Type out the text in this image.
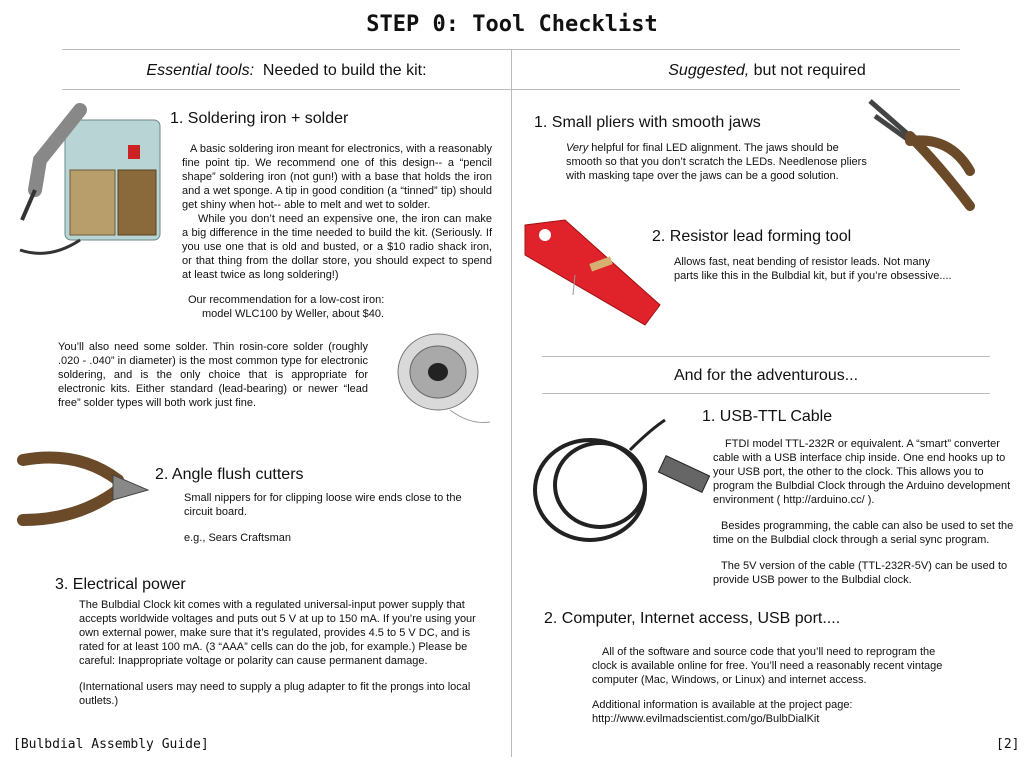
STEP 0: Tool Checklist
Essential tools: Needed to build the kit:	Suggested, but not required
1. Soldering iron + solder
A basic soldering iron meant for electronics, with a reasonably fine point tip. We recommend one of this design-- a “pencil shape” soldering iron (not gun!) with a base that holds the iron and a wet sponge. A tip in good condition (a “tinned” tip) should get shiny when hot-- able to melt and wet to solder.
While you don’t need an expensive one, the iron can make a big difference in the time needed to build the kit. (Seriously. If you use one that is old and busted, or a $10 radio shack iron, or that thing from the dollar store, you should expect to spend at least twice as long soldering!)
Our recommendation for a low-cost iron:
model WLC100 by Weller, about $40.
You’ll also need some solder. Thin rosin-core solder (roughly .020 - .040” in diameter) is the most common type for electronic soldering, and is the only choice that is appropriate for electronic kits. Either standard (lead-bearing) or newer “lead free” solder types will both work just fine.
2. Angle flush cutters
Small nippers for for clipping loose wire ends close to the circuit board.
e.g., Sears Craftsman
3. Electrical power
The Bulbdial Clock kit comes with a regulated universal-input power supply that accepts worldwide voltages and puts out 5 V at up to 150 mA. If you’re using your own external power, make sure that it’s regulated, provides 4.5 to 5 V DC, and is rated for at least 100 mA. (3 “AAA” cells can do the job, for example.) Please be careful: Inappropriate voltage or polarity can cause permanent damage.
(International users may need to supply a plug adapter to fit the prongs into local outlets.)
1. Small pliers with smooth jaws
Very helpful for final LED alignment. The jaws should be smooth so that you don’t scratch the LEDs. Needlenose pliers with masking tape over the jaws can be a good solution.
2. Resistor lead forming tool
Allows fast, neat bending of resistor leads. Not many parts like this in the Bulbdial kit, but if you’re obsessive....
And for the adventurous...
1. USB-TTL Cable
FTDI model TTL-232R or equivalent. A “smart” converter cable with a USB interface chip inside. One end hooks up to your USB port, the other to the clock. This allows you to program the Bulbdial Clock through the Arduino development environment ( http://arduino.cc/ ).
Besides programming, the cable can also be used to set the time on the Bulbdial clock through a serial sync program.
The 5V version of the cable (TTL-232R-5V) can be used to provide USB power to the Bulbdial clock.
2. Computer, Internet access, USB port....
All of the software and source code that you’ll need to reprogram the clock is available online for free. You’ll need a reasonably recent vintage computer (Mac, Windows, or Linux) and internet access.
Additional information is available at the project page:
http://www.evilmadscientist.com/go/BulbDialKit
[Bulbdial Assembly Guide]	[2]
